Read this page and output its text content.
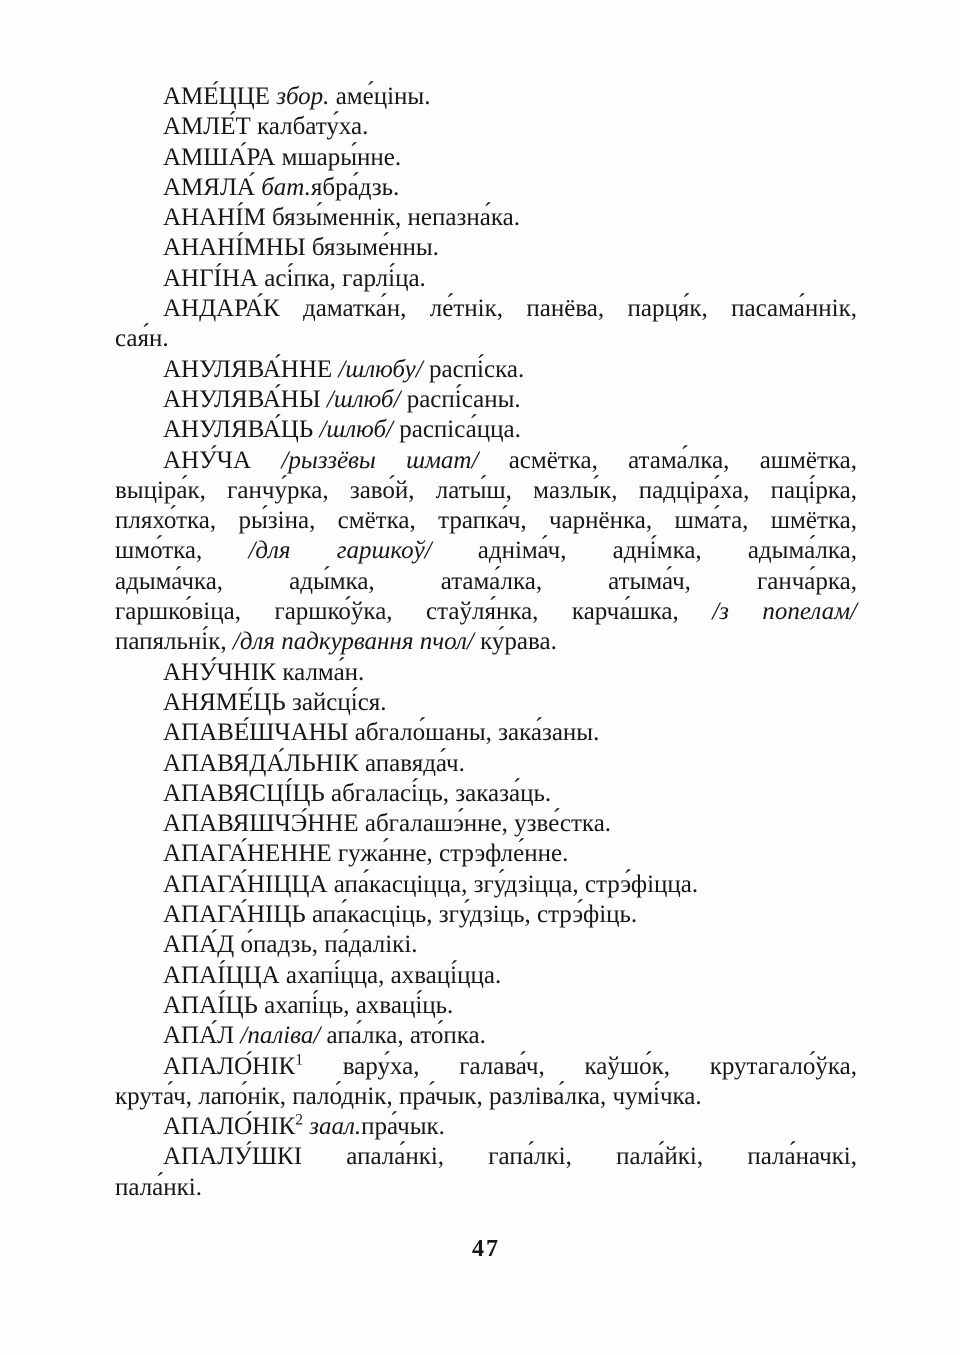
АМЕ́ЦЦЕ збор. аме́ціны.
АМЛЕ́Т калбату́ха.
АМША́РА мшары́нне.
АМЯЛА́ бат.ябра́дзь.
АНАНІ́М бязы́меннік, непазна́ка.
АНАНІ́МНЫ бязыме́нны.
АНГІ́НА асі́пка, гарлі́ца.
АНДАРА́К даматка́н, ле́тнік, панёва, парця́к, пасама́ннік,
сая́н.
АНУЛЯВА́ННЕ /шлюбу/ распі́ска.
АНУЛЯВА́НЫ /шлюб/ распі́саны.
АНУЛЯВА́ЦЬ /шлюб/ распіса́цца.
АНУ́ЧА /рыззёвы шмат/ асмётка, атама́лка, ашмётка,
выціра́к, ганчу́рка, заво́й, латы́ш, мазлы́к, падціра́ха, паці́рка,
пляхо́тка, ры́зіна, смётка, трапка́ч, чарнёнка, шма́та, шмётка,
шмо́тка, /для гаршкоў/ адніма́ч, адні́мка, адыма́лка,
адыма́чка, ады́мка, атама́лка, атыма́ч, ганча́рка,
гаршко́віца, гаршко́ўка, стаўля́нка, карча́шка, /з попелам/
папяльні́к, /для падкурвання пчол/ ку́рава.
АНУ́ЧНІК калма́н.
АНЯМЕ́ЦЬ зайсці́ся.
АПАВЕ́ШЧАНЫ абгало́шаны, зака́заны.
АПАВЯДА́ЛЬНІК апавяда́ч.
АПАВЯСЦІ́ЦЬ абгаласі́ць, заказа́ць.
АПАВЯШЧЭ́ННЕ абгалашэ́нне, узве́стка.
АПАГА́НЕННЕ гужа́нне, стрэфле́нне.
АПАГА́НІЦЦА апа́касціцца, згу́дзіцца, стрэ́фіцца.
АПАГА́НІЦЬ апа́касціць, згу́дзіць, стрэ́фіць.
АПА́Д о́падзь, па́далікі.
АПАІ́ЦЦА ахапі́цца, ахваці́цца.
АПАІ́ЦЬ ахапі́ць, ахваці́ць.
АПА́Л /паліва/ апа́лка, ато́пка.
АПАЛО́НІК$^1$ вару́ха, галава́ч, каўшо́к, крутагало́ўка,
крута́ч, лапо́нік, пало́днік, пра́чык, разліва́лка, чумі́чка.
АПАЛО́НІК$^2$ заал.пра́чык.
АПАЛУ́ШКІ апала́нкі, гапа́лкі, пала́йкі, пала́начкі,
пала́нкі.
47
